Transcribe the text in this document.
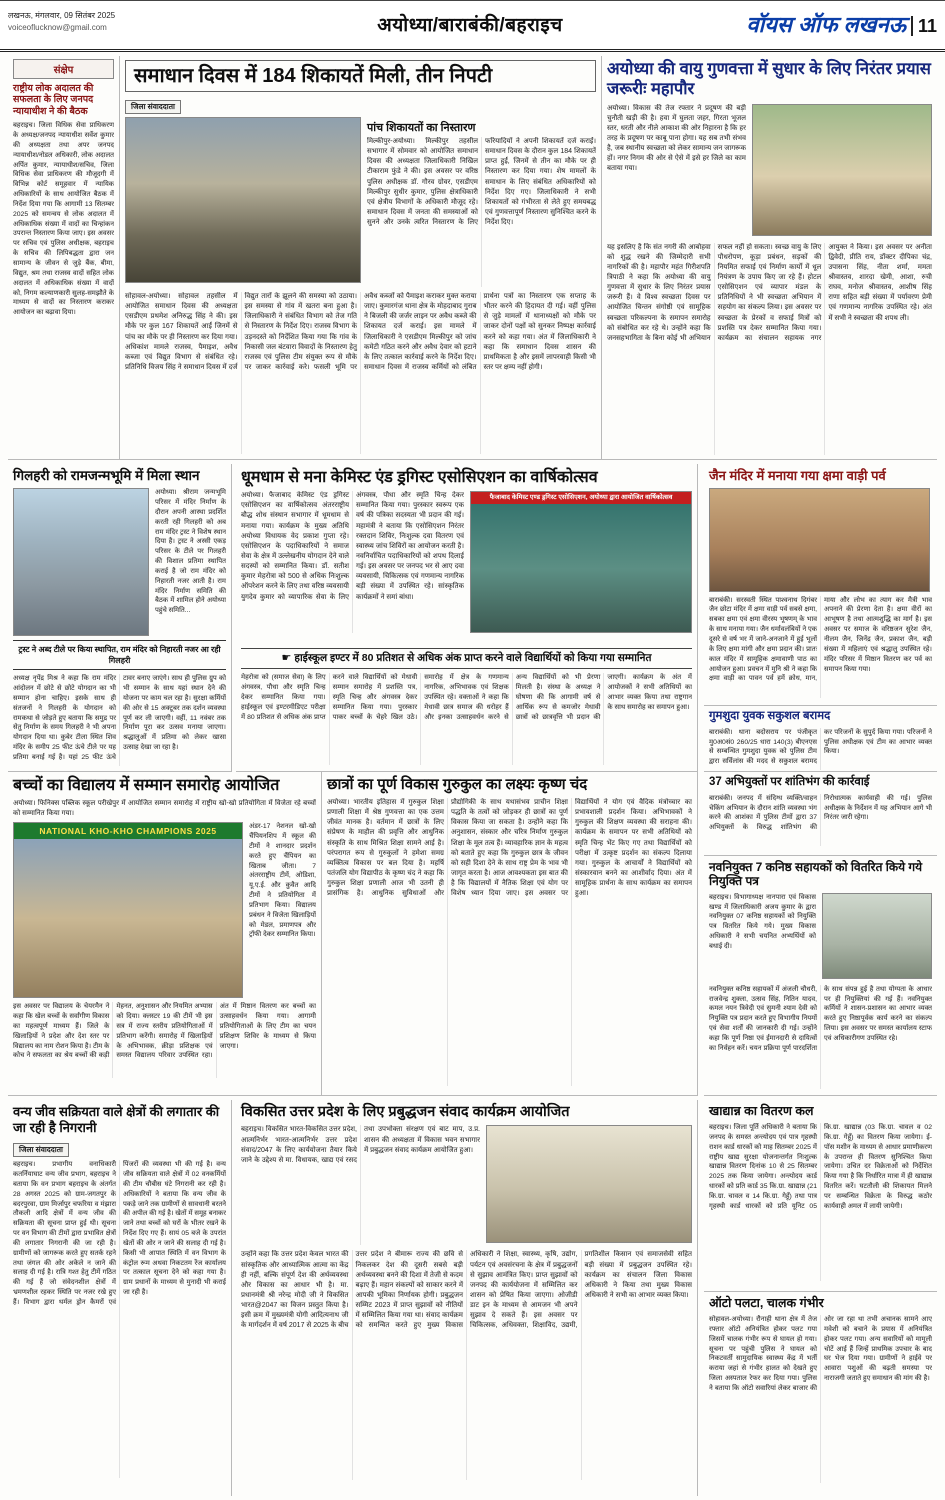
लखनऊ, मंगलवार, 09 सितंबर 2025
voiceoflucknow@gmail.com	अयोध्या/बाराबंकी/बहराइच	वॉयस ऑफ लखनऊ 11
संक्षेप
राष्ट्रीय लोक अदालत की सफलता के लिए जनपद न्यायाधीश ने की बैठक
बहराइच। जिला विधिक सेवा प्राधिकरण के अध्यक्ष/जनपद न्यायाधीश सर्वेश कुमार की अध्यक्षता तथा अपर जनपद न्यायाधीश/नोडल अधिकारी, लोक अदालत अर्पित कुमार, न्यायाधीश/सचिव, जिला विधिक सेवा प्राधिकरण की मौजूदगी में विभिन्न कोर्ट समूहवार में न्यायिक अधिकारियों के साथ आयोजित बैठक में निर्देश दिया गया कि आगामी 13 सितम्बर 2025 को समन्वय से लोक अदालत में अधिकाधिक संख्या में वादों का चिन्हांकन उपरान्त निस्तारण किया जाए। इस अवसर पर सचिव एवं पुलिस अधीक्षक, बहराइच के सचिव की लिपिबद्धता द्वारा जन सामान्य के जीवन से जुड़े बैंक, बीमा, विद्युत, श्रम तथा राजस्व वादों सहित लोक अदालत में अधिकाधिक संख्या में वादों को, निगम कल्याणकारी सुलह-समझौते के माध्यम से वादों का निस्तारण कराकर आयोजन का बढ़ावा दिया।
समाधान दिवस में 184 शिकायतें मिली, तीन निपटी
जिला संवाददाता
पांच शिकायतों का निस्तारण
मिल्कीपुर-अयोध्या। मिल्कीपुर तहसील सभागार में सोमवार को आयोजित समाधान दिवस की अध्यक्षता जिलाधिकारी निखिल टीकाराम फुंडे ने की। इस अवसर पर वरिष्ठ पुलिस अधीक्षक डॉ. गौरव ग्रोवर, एसडीएम मिल्कीपुर सुधीर कुमार, पुलिस क्षेत्राधिकारी एवं क्षेत्रीय विभागों के अधिकारी मौजूद रहे। समाधान दिवस में जनता की समस्याओं को सुनने और उनके त्वरित निस्तारण के लिए फरियादियों ने अपनी शिकायतें दर्ज कराईं। समाधान दिवस के दौरान कुल 184 शिकायतें प्राप्त हुईं, जिनमें से तीन का मौके पर ही निस्तारण कर दिया गया। शेष मामलों के समाधान के लिए संबंधित अधिकारियों को निर्देश दिए गए। जिलाधिकारी ने सभी शिकायतों को गंभीरता से लेते हुए समयबद्ध एवं गुणवत्तापूर्ण निस्तारण सुनिश्चित करने के निर्देश दिए।
सोहावल-अयोध्या। सोहावल तहसील में आयोजित समाधान दिवस की अध्यक्षता एसडीएम प्रथमेश अनिरुद्ध सिंह ने की। इस मौके पर कुल 167 शिकायतें आईं जिनमें से पांच का मौके पर ही निस्तारण कर दिया गया। अधिकांश मामले राजस्व, पैमाइश, अवैध कब्जा एवं विद्युत विभाग से संबंधित रहे। प्रतिनिधि विजय सिंह ने समाधान दिवस में दर्ज विद्युत तारों के झूलने की समस्या को उठाया। इस समस्या से गांव में खतरा बना हुआ है। जिलाधिकारी ने संबंधित विभाग को तेज गति से निस्तारण के निर्देश दिए। राजस्व विभाग के उड़नदस्ते को निर्देशित किया गया कि गांव के निकासी जल बंटवारा विवादों के निस्तारण हेतु राजस्व एवं पुलिस टीम संयुक्त रूप से मौके पर जाकर कार्रवाई करे। फसली भूमि पर अवैध कब्जों को पैमाइश कराकर मुक्त कराया जाए। कुमारगंज थाना क्षेत्र के मोहदाबाद गुराब ने बिजली की जर्जर लाइन पर अवैध कब्जे की शिकायत दर्ज कराई। इस मामले में जिलाधिकारी ने एसडीएम मिल्कीपुर को जांच कमेटी गठित करने और अवैध देवार को हटाने के लिए तत्काल कार्रवाई करने के निर्देश दिए। समाधान दिवस में राजस्व कर्मियों को लंबित प्रार्थना पत्रों का निस्तारण एक सप्ताह के भीतर करने की हिदायत दी गई। वहीं पुलिस से जुड़े मामलों में थानाध्यक्षों को मौके पर जाकर दोनों पक्षों को सुनकर निष्पक्ष कार्रवाई करने को कहा गया। अंत में जिलाधिकारी ने कहा कि समाधान दिवस शासन की प्राथमिकता है और इसमें लापरवाही किसी भी स्तर पर क्षम्य नहीं होगी।
अयोध्या की वायु गुणवत्ता में सुधार के लिए निरंतर प्रयास जरूरीः महापौर
अयोध्या। विकास की तेज रफ्तार ने प्रदूषण की बड़ी चुनौती खड़ी की है। हवा में घुलता जहर, गिरता भूजल स्तर, धरती और नीले आकाश की ओर निहारना है कि हर तरह के प्रदूषण पर काबू पाना होगा। यह सब तभी संभव है, जब स्थानीय स्वच्छता को लेकर सामान्य जन जागरूक हों। नगर निगम की ओर से ऐसे में इसे हर जिले का काम बताया गया।
यह इसलिए है कि संत नगरी की आबोहवा को शुद्ध रखने की जिम्मेदारी सभी नागरिकों की है। महापौर महंत गिरीशपति त्रिपाठी ने कहा कि अयोध्या की वायु गुणवत्ता में सुधार के लिए निरंतर प्रयास जरूरी हैं। वे विश्व स्वच्छता दिवस पर आयोजित चिन्तन संगोष्ठी एवं सामूहिक स्वच्छता परिकल्पना के समापन समारोह को संबोधित कर रहे थे। उन्होंने कहा कि जनसहभागिता के बिना कोई भी अभियान सफल नहीं हो सकता। स्वच्छ वायु के लिए पौधरोपण, कूड़ा प्रबंधन, सड़कों की नियमित सफाई एवं निर्माण कार्यों में धूल नियंत्रण के उपाय किए जा रहे हैं। होटल एसोसिएशन एवं व्यापार मंडल के प्रतिनिधियों ने भी स्वच्छता अभियान में सहयोग का संकल्प लिया। इस अवसर पर स्वच्छता के प्रेरकों व सफाई मित्रों को प्रशस्ति पत्र देकर सम्मानित किया गया। कार्यक्रम का संचालन सहायक नगर आयुक्त ने किया। इस अवसर पर अनीता द्विवेदी, प्रीति राय, डॉक्टर दीपिका चंद्र, उपासना सिंह, नीता शर्मा, ममता श्रीवास्तव, शारदा खेमी, आशा, रुची राघव, मनोज श्रीवास्तव, आशीष सिंह राणा सहित बड़ी संख्या में पर्यावरण प्रेमी एवं गणमान्य नागरिक उपस्थित रहे। अंत में सभी ने स्वच्छता की शपथ ली।
गिलहरी को रामजन्मभूमि में मिला स्थान
अयोध्या। श्रीराम जन्मभूमि परिसर में मंदिर निर्माण के दौरान अपनी आस्था प्रदर्शित करती रही गिलहरी को अब राम मंदिर ट्रस्ट ने विशेष स्थान दिया है। ट्रस्ट ने अस्सी एकड़ परिसर के टीले पर गिलहरी की विशाल प्रतिमा स्थापित कराई है जो राम मंदिर को निहारती नजर आती है। राम मंदिर निर्माण समिति की बैठक में शामिल होने अयोध्या पहुंचे समिति...
ट्रस्ट ने अब्द टीले पर किया स्थापित, राम मंदिर को निहारती नजर आ रही गिलहरी
अध्यक्ष नृपेंद्र मिश्र ने कहा कि राम मंदिर आंदोलन में छोटे से छोटे योगदान का भी सम्मान होना चाहिए। इसके साथ ही संतजनों ने गिलहरी के योगदान को रामकथा से जोड़ते हुए बताया कि समुद्र पर सेतु निर्माण के समय गिलहरी ने भी अपना योगदान दिया था। कुबेर टीला स्थित शिव मंदिर के समीप 25 फीट ऊंचे टीले पर यह प्रतिमा बनाई गई है। यहां 25 फीट ऊंचे टावर बनाए जाएंगे। साथ ही पुलिस ग्रुप को भी सम्मान के साथ यहां स्थान देने की योजना पर काम चल रहा है। सुरक्षा कर्मियों की ओर से 15 अक्टूबर तक दर्शन व्यवस्था पूर्ण कर ली जाएगी। वहीं, 11 नवंबर तक निर्माण पूरा कर उत्सव मनाया जाएगा। श्रद्धालुओं में प्रतिमा को लेकर खासा उत्साह देखा जा रहा है।
धूमधाम से मना केमिस्ट एंड ड्रगिस्ट एसोसिएशन का वार्षिकोत्सव
अयोध्या। फैजाबाद केमिस्ट एंड ड्रगिस्ट एसोसिएशन का वार्षिकोत्सव अंतरराष्ट्रीय बौद्ध शोध संस्थान सभागार में धूमधाम से मनाया गया। कार्यक्रम के मुख्य अतिथि अयोध्या विधायक वेद प्रकाश गुप्ता रहे। एसोसिएशन के पदाधिकारियों ने समाज सेवा के क्षेत्र में उल्लेखनीय योगदान देने वाले सदस्यों को सम्मानित किया। डॉ. सतीश कुमार मेहरोत्रा को 500 से अधिक निःशुल्क ऑपरेशन करने के लिए तथा वरिष्ठ व्यवसायी युगदेव कुमार को व्यापारिक सेवा के लिए अंगवस्त्र, पौधा और स्मृति चिन्ह देकर सम्मानित किया गया। पुरस्कार स्वरूप एक वर्ष की पत्रिका सदस्यता भी प्रदान की गई। महामंत्री ने बताया कि एसोसिएशन निरंतर रक्तदान शिविर, निःशुल्क दवा वितरण एवं स्वास्थ्य जांच शिविरों का आयोजन करती है। नवनिर्वाचित पदाधिकारियों को शपथ दिलाई गई। इस अवसर पर जनपद भर से आए दवा व्यवसायी, चिकित्सक एवं गणमान्य नागरिक बड़ी संख्या में उपस्थित रहे। सांस्कृतिक कार्यक्रमों ने समां बांधा।
फैजाबाद केमिस्ट एण्ड ड्रगिस्ट एसोसिएशन, अयोध्या द्वारा आयोजित वार्षिकोत्सव
☛ हाईस्कूल इण्टर में 80 प्रतिशत से अधिक अंक प्राप्त करने वाले विद्यार्थियों को किया गया सम्मानित
मेहरोत्रा को (समाज सेवा) के लिए अंगवस्त्र, पौधा और स्मृति चिन्ह देकर सम्मानित किया गया। हाईस्कूल एवं इण्टरमीडिएट परीक्षा में 80 प्रतिशत से अधिक अंक प्राप्त करने वाले विद्यार्थियों को मेधावी सम्मान समारोह में प्रशस्ति पत्र, स्मृति चिन्ह और अंगवस्त्र देकर सम्मानित किया गया। पुरस्कार पाकर बच्चों के चेहरे खिल उठे। समारोह में क्षेत्र के गणमान्य नागरिक, अभिभावक एवं शिक्षक उपस्थित रहे। वक्ताओं ने कहा कि मेधावी छात्र समाज की धरोहर हैं और इनका उत्साहवर्धन करने से अन्य विद्यार्थियों को भी प्रेरणा मिलती है। संस्था के अध्यक्ष ने घोषणा की कि आगामी वर्ष से आर्थिक रूप से कमजोर मेधावी छात्रों को छात्रवृत्ति भी प्रदान की जाएगी। कार्यक्रम के अंत में आयोजकों ने सभी अतिथियों का आभार व्यक्त किया तथा राष्ट्रगान के साथ समारोह का समापन हुआ।
जैन मंदिर में मनाया गया क्षमा वाड़ी पर्व
बाराबंकी। सरस्वती स्थित पाश्वनाथ दिगंबर जैन छोटा मंदिर में क्षमा वाड़ी पर्व सबसे क्षमा, सबका क्षमा एवं क्षमा वीरस्य भूषणम् के भाव के साथ मनाया गया। जैन धर्मावलंबियों ने एक दूसरे से वर्ष भर में जाने-अनजाने में हुई भूलों के लिए क्षमा मांगी और क्षमा प्रदान की। प्रातः काल मंदिर में सामूहिक क्षमावाणी पाठ का आयोजन हुआ। प्रवचन में मुनि श्री ने कहा कि क्षमा वाड़ी का पावन पर्व हमें क्रोध, मान, माया और लोभ का त्याग कर मैत्री भाव अपनाने की प्रेरणा देता है। क्षमा वीरों का आभूषण है तथा आत्मशुद्धि का मार्ग है। इस अवसर पर समाज के वरिष्ठजन सुरेश जैन, नीलम जैन, जिनेंद्र जैन, प्रकाश जैन, बड़ी संख्या में महिलाएं एवं श्रद्धालु उपस्थित रहे। मंदिर परिसर में मिष्ठान वितरण कर पर्व का समापन किया गया।
गुमशुदा युवक सकुशल बरामद
बाराबंकी। थाना बदोसराय पर पंजीकृत मु0अ0सं0 260/25 धारा 140(3) बीएनएस से सम्बन्धित गुमशुदा युवक को पुलिस टीम द्वारा सर्विलांस की मदद से सकुशल बरामद कर परिजनों के सुपुर्द किया गया। परिजनों ने पुलिस अधीक्षक एवं टीम का आभार व्यक्त किया।
बच्चों का विद्यालय में सम्मान समारोह आयोजित
अयोध्या। फिनिक्स पब्लिक स्कूल परीखेपुर में आयोजित सम्मान समारोह में राष्ट्रीय खो-खो प्रतियोगिता में विजेता रहे बच्चों को सम्मानित किया गया।
NATIONAL KHO-KHO CHAMPIONS 2025	अंडर-17 नेशनल खो-खो चैंपियनशिप में स्कूल की टीमों ने शानदार प्रदर्शन करते हुए चैंपियन का खिताब जीता। 7 अंतरराष्ट्रीय टीमें, ओडिशा, यू.ए.ई. और कुवैत आदि टीमों ने प्रतियोगिता में प्रतिभाग किया। विद्यालय प्रबंधन ने विजेता खिलाड़ियों को मेडल, प्रमाणपत्र और ट्रॉफी देकर सम्मानित किया।
इस अवसर पर विद्यालय के चेयरमैन ने कहा कि खेल बच्चों के सर्वांगीण विकास का महत्वपूर्ण माध्यम हैं। जिले के खिलाड़ियों ने प्रदेश और देश स्तर पर विद्यालय का नाम रोशन किया है। टीम के कोच ने सफलता का श्रेय बच्चों की कड़ी मेहनत, अनुशासन और नियमित अभ्यास को दिया। क्लस्टर 19 की टीमें भी इस सत्र में राज्य स्तरीय प्रतियोगिताओं में प्रतिभाग करेंगी। समारोह में खिलाड़ियों के अभिभावक, क्रीड़ा प्रशिक्षक एवं समस्त विद्यालय परिवार उपस्थित रहा। अंत में मिष्ठान वितरण कर बच्चों का उत्साहवर्धन किया गया। आगामी प्रतियोगिताओं के लिए टीम का चयन प्रशिक्षण शिविर के माध्यम से किया जाएगा।
छात्रों का पूर्ण विकास गुरुकुल का लक्ष्यः कृष्ण चंद
अयोध्या। भारतीय इतिहास में गुरुकुल शिक्षा प्रणाली शिक्षा में श्रेष्ठ गुणवत्ता का एक उत्तम जीवंत मानक है। वर्तमान में छात्रों के लिए संप्रेषण के माहौल की प्रवृत्ति और आधुनिक संस्कृति के साथ मिश्रित शिक्षा सामने आई है। परंपरागत रूप से गुरुकुलों ने हमेशा समग्र व्यक्तित्व विकास पर बल दिया है। महर्षि पतंजलि योग विद्यापीठ के कृष्ण चंद ने कहा कि गुरुकुल शिक्षा प्रणाली आज भी उतनी ही प्रासंगिक है। आधुनिक सुविधाओं और प्रौद्योगिकी के साथ यथासंभव प्राचीन शिक्षा पद्धति के तत्वों को जोड़कर ही छात्रों का पूर्ण विकास किया जा सकता है। उन्होंने कहा कि अनुशासन, संस्कार और चरित्र निर्माण गुरुकुल शिक्षा के मूल तत्व हैं। व्यावहारिक ज्ञान के महत्व को बताते हुए कहा कि गुरुकुल छात्र के जीवन को सही दिशा देने के साथ राष्ट्र प्रेम के भाव भी जागृत करता है। आज आवश्यकता इस बात की है कि विद्यालयों में नैतिक शिक्षा एवं योग पर विशेष ध्यान दिया जाए। इस अवसर पर विद्यार्थियों ने योग एवं वैदिक मंत्रोच्चार का प्रभावशाली प्रदर्शन किया। अभिभावकों ने गुरुकुल की शिक्षण व्यवस्था की सराहना की। कार्यक्रम के समापन पर सभी अतिथियों को स्मृति चिन्ह भेंट किए गए तथा विद्यार्थियों को परीक्षा में उत्कृष्ट प्रदर्शन का संकल्प दिलाया गया। गुरुकुल के आचार्यों ने विद्यार्थियों को संस्कारवान बनने का आशीर्वाद दिया। अंत में सामूहिक प्रार्थना के साथ कार्यक्रम का समापन हुआ।
37 अभियुक्तों पर शांतिभंग की कार्रवाई
बाराबंकी। जनपद में संदिग्ध व्यक्ति/वाहन चेकिंग अभियान के दौरान शांति व्यवस्था भंग करने की आशंका में पुलिस टीमों द्वारा 37 अभियुक्तों के विरुद्ध शांतिभंग की निरोधात्मक कार्यवाही की गई। पुलिस अधीक्षक के निर्देशन में यह अभियान आगे भी निरंतर जारी रहेगा।
नवनियुक्त 7 कनिष्ठ सहायकों को वितरित किये गये नियुक्ति पत्र
बहराइच। विभागाध्यक्ष नानपारा एवं विकास खण्ड में जिलाधिकारी अजय कुमार के द्वारा नवनियुक्त 07 कनिष्ठ सहायकों को नियुक्ति पत्र वितरित किये गये। मुख्य विकास अधिकारी ने सभी चयनित अभ्यर्थियों को बधाई दी।
नवनियुक्त कनिष्ठ सहायकों में अंजली चौधरी, राजवेन्द्र शुक्ला, उत्सव सिंह, नितिन यादव, कमल नयन त्रिवेदी एवं सुमनी श्याम देवी को नियुक्ति पत्र प्रदान करते हुए विभागीय नियमों एवं सेवा शर्तों की जानकारी दी गई। उन्होंने कहा कि पूर्ण निष्ठा एवं ईमानदारी से दायित्वों का निर्वहन करें। चयन प्रक्रिया पूर्ण पारदर्शिता के साथ संपन्न हुई है तथा योग्यता के आधार पर ही नियुक्तियां की गई हैं। नवनियुक्त कर्मियों ने शासन-प्रशासन का आभार व्यक्त करते हुए निष्ठापूर्वक कार्य करने का संकल्प लिया। इस अवसर पर समस्त कार्यालय स्टाफ एवं अधिकारीगण उपस्थित रहे।
वन्य जीव सक्रियता वाले क्षेत्रों की लगातार की जा रही है निगरानी
जिला संवाददाता
बहराइच। प्रभागीय वनाधिकारी कतर्नियाघाट वन्य जीव प्रभाग, बहराइच ने बताया कि वन प्रभाग बहराइच के अंतर्गत 28 अगस्त 2025 को ग्राम-जगतपुर के बदरपुरवा, ग्राम मिर्जापुर चफरिया व मंझारा तौकली आदि क्षेत्रों में वन्य जीव की सक्रियता की सूचना प्राप्त हुई थी। सूचना पर वन विभाग की टीमों द्वारा प्रभावित क्षेत्रों की लगातार निगरानी की जा रही है। ग्रामीणों को जागरूक करते हुए सतर्क रहने तथा जंगल की ओर अकेले न जाने की सलाह दी गई है। रात्रि गश्त हेतु टीमें गठित की गई हैं जो संवेदनशील क्षेत्रों में भ्रमणशील रहकर स्थिति पर नजर रखे हुए हैं। विभाग द्वारा थर्मल ड्रोन कैमरों एवं पिंजरों की व्यवस्था भी की गई है। वन्य जीव सक्रियता वाले क्षेत्रों में 02 वनकर्मियों की टीम चौबीस घंटे निगरानी कर रही है। अधिकारियों ने बताया कि वन्य जीव के पकड़े जाने तक ग्रामीणों से सावधानी बरतने की अपील की गई है। खेतों में समूह बनाकर जाने तथा बच्चों को घरों के भीतर रखने के निर्देश दिए गए हैं। सायं 05 बजे के उपरांत खेतों की ओर न जाने की सलाह दी गई है। किसी भी आपात स्थिति में वन विभाग के कंट्रोल रूम अथवा निकटतम रेंज कार्यालय पर तत्काल सूचना देने को कहा गया है। ग्राम प्रधानों के माध्यम से मुनादी भी कराई जा रही है।
विकसित उत्तर प्रदेश के लिए प्रबुद्धजन संवाद कार्यक्रम आयोजित
बहराइच। विकसित भारत-विकसित उत्तर प्रदेश, आत्मनिर्भर भारत-आत्मनिर्भर उत्तर प्रदेश संवाद/2047 के लिए कार्ययोजना तैयार किये जाने के उद्देश्य से मा. विधायक, खाद्य एवं रसद तथा उपभोक्ता संरक्षण एवं बाट माप, उ.प्र. शासन की अध्यक्षता में विकास भवन सभागार में प्रबुद्धजन संवाद कार्यक्रम आयोजित हुआ।
उन्होंने कहा कि उत्तर प्रदेश केवल भारत की सांस्कृतिक और आध्यात्मिक आत्मा का केंद्र ही नहीं, बल्कि संपूर्ण देश की अर्थव्यवस्था और विकास का आधार भी है। मा. प्रधानमंत्री श्री नरेन्द्र मोदी जी ने विकसित भारत@2047 का विजन प्रस्तुत किया है। इसी क्रम में मुख्यमंत्री योगी आदित्यनाथ जी के मार्गदर्शन में वर्ष 2017 से 2025 के बीच उत्तर प्रदेश ने बीमारू राज्य की छवि से निकलकर देश की दूसरी सबसे बड़ी अर्थव्यवस्था बनने की दिशा में तेजी से कदम बढ़ाए हैं। महान संकल्पों को साकार करने में आपकी भूमिका निर्णायक होगी। प्रबुद्धजन सम्मिट 2023 में प्राप्त सुझावों को नीतियों में सम्मिलित किया गया था। संवाद कार्यक्रम को समन्वित करते हुए मुख्य विकास अधिकारी ने शिक्षा, स्वास्थ्य, कृषि, उद्योग, पर्यटन एवं अवसंरचना के क्षेत्र में प्रबुद्धजनों से सुझाव आमंत्रित किए। प्राप्त सुझावों को जनपद की कार्ययोजना में सम्मिलित कर शासन को प्रेषित किया जाएगा। ओजीडी डाट इन के माध्यम से आमजन भी अपने सुझाव दे सकते हैं। इस अवसर पर चिकित्सक, अधिवक्ता, शिक्षाविद, उद्यमी, प्रगतिशील किसान एवं समाजसेवी सहित बड़ी संख्या में प्रबुद्धजन उपस्थित रहे। कार्यक्रम का संचालन जिला विकास अधिकारी ने किया तथा मुख्य विकास अधिकारी ने सभी का आभार व्यक्त किया।
खाद्यान्न का वितरण कल
बहराइच। जिला पूर्ति अधिकारी ने बताया कि जनपद के समस्त अन्त्योदय एवं पात्र गृहस्थी राशन कार्ड धारकों को माह सितम्बर 2025 में राष्ट्रीय खाद्य सुरक्षा योजनान्तर्गत निःशुल्क खाद्यान्न वितरण दिनांक 10 से 25 सितम्बर 2025 तक किया जायेगा। अन्त्योदय कार्ड धारकों को प्रति कार्ड 35 कि.ग्रा. खाद्यान्न (21 कि.ग्रा. चावल व 14 कि.ग्रा. गेहूँ) तथा पात्र गृहस्थी कार्ड धारकों को प्रति यूनिट 05 कि.ग्रा. खाद्यान्न (03 कि.ग्रा. चावल व 02 कि.ग्रा. गेहूँ) का वितरण किया जायेगा। ई-पॉस मशीन के माध्यम से आधार प्रमाणीकरण के उपरान्त ही वितरण सुनिश्चित किया जायेगा। उचित दर विक्रेताओं को निर्देशित किया गया है कि निर्धारित मात्रा में ही खाद्यान्न वितरित करें। घटतौली की शिकायत मिलने पर सम्बन्धित विक्रेता के विरुद्ध कठोर कार्यवाही अमल में लायी जायेगी।
ऑटो पलटा, चालक गंभीर
सोहावल-अयोध्या। रौनाही थाना क्षेत्र में तेज रफ्तार ऑटो अनियंत्रित होकर पलट गया जिसमें चालक गंभीर रूप से घायल हो गया। सूचना पर पहुंची पुलिस ने घायल को निकटवर्ती सामुदायिक स्वास्थ्य केंद्र में भर्ती कराया जहां से गंभीर हालत को देखते हुए जिला अस्पताल रेफर कर दिया गया। पुलिस ने बताया कि ऑटो सवारियां लेकर बाजार की ओर जा रहा था तभी अचानक सामने आए मवेशी को बचाने के प्रयास में अनियंत्रित होकर पलट गया। अन्य सवारियों को मामूली चोटें आई हैं जिन्हें प्राथमिक उपचार के बाद घर भेज दिया गया। ग्रामीणों ने हाईवे पर आवारा पशुओं की बढ़ती समस्या पर नाराजगी जताते हुए समाधान की मांग की है।
